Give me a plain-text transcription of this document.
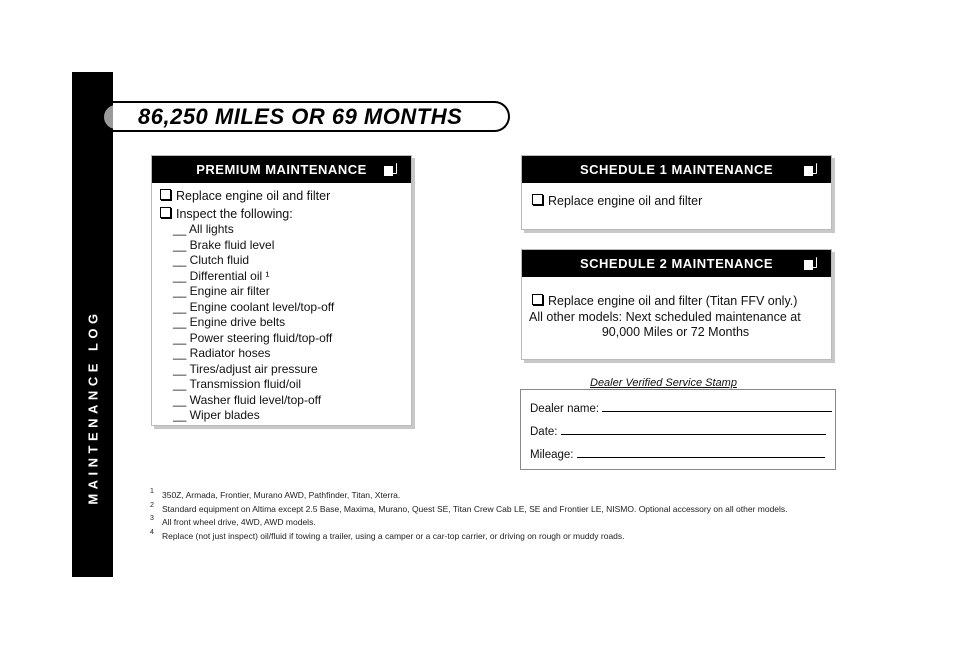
MAINTENANCE LOG
42
86,250 MILES OR 69 MONTHS
PREMIUM MAINTENANCE
Replace engine oil and filter
Inspect the following:
__ All lights
__ Brake fluid level
__ Clutch fluid
__ Differential oil ¹
__ Engine air filter
__ Engine coolant level/top-off
__ Engine drive belts
__ Power steering fluid/top-off
__ Radiator hoses
__ Tires/adjust air pressure
__ Transmission fluid/oil
__ Washer fluid level/top-off
__ Wiper blades
SCHEDULE 1 MAINTENANCE
Replace engine oil and filter
SCHEDULE 2 MAINTENANCE
Replace engine oil and filter (Titan FFV only.)
All other models: Next scheduled maintenance at
90,000 Miles or 72 Months
Dealer Verified Service Stamp
Dealer name:
Date:
Mileage:
1 350Z, Armada, Frontier, Murano AWD, Pathfinder, Titan, Xterra.
2 Standard equipment on Altima except 2.5 Base, Maxima, Murano, Quest SE, Titan Crew Cab LE, SE and Frontier LE, NISMO. Optional accessory on all other models.
3 All front wheel drive, 4WD, AWD models.
4 Replace (not just inspect) oil/fluid if towing a trailer, using a camper or a car-top carrier, or driving on rough or muddy roads.
